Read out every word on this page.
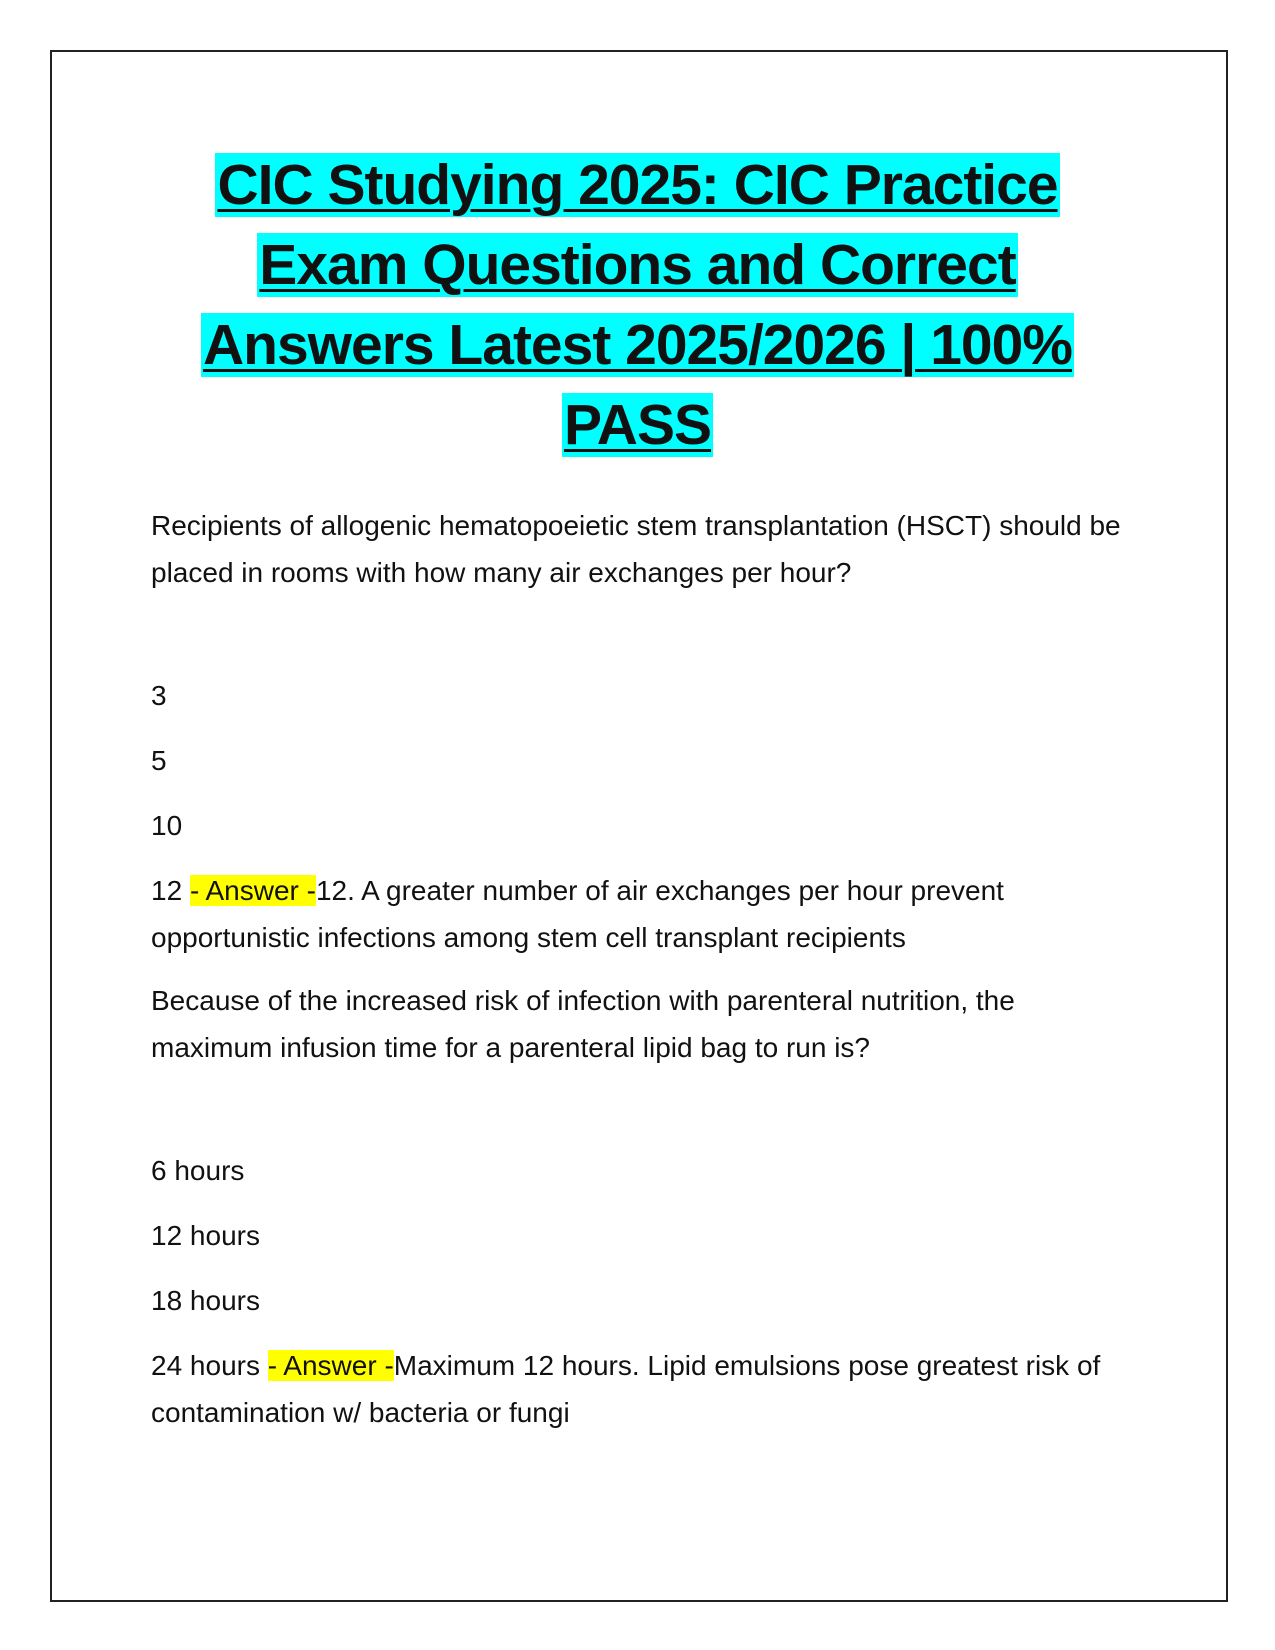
CIC Studying 2025: CIC Practice
Exam Questions and Correct
Answers Latest 2025/2026 | 100%
PASS
Recipients of allogenic hematopoeietic stem transplantation (HSCT) should be placed in rooms with how many air exchanges per hour?
3
5
10
12 - Answer -12. A greater number of air exchanges per hour prevent opportunistic infections among stem cell transplant recipients
Because of the increased risk of infection with parenteral nutrition, the maximum infusion time for a parenteral lipid bag to run is?
6 hours
12 hours
18 hours
24 hours - Answer -Maximum 12 hours. Lipid emulsions pose greatest risk of contamination w/ bacteria or fungi
